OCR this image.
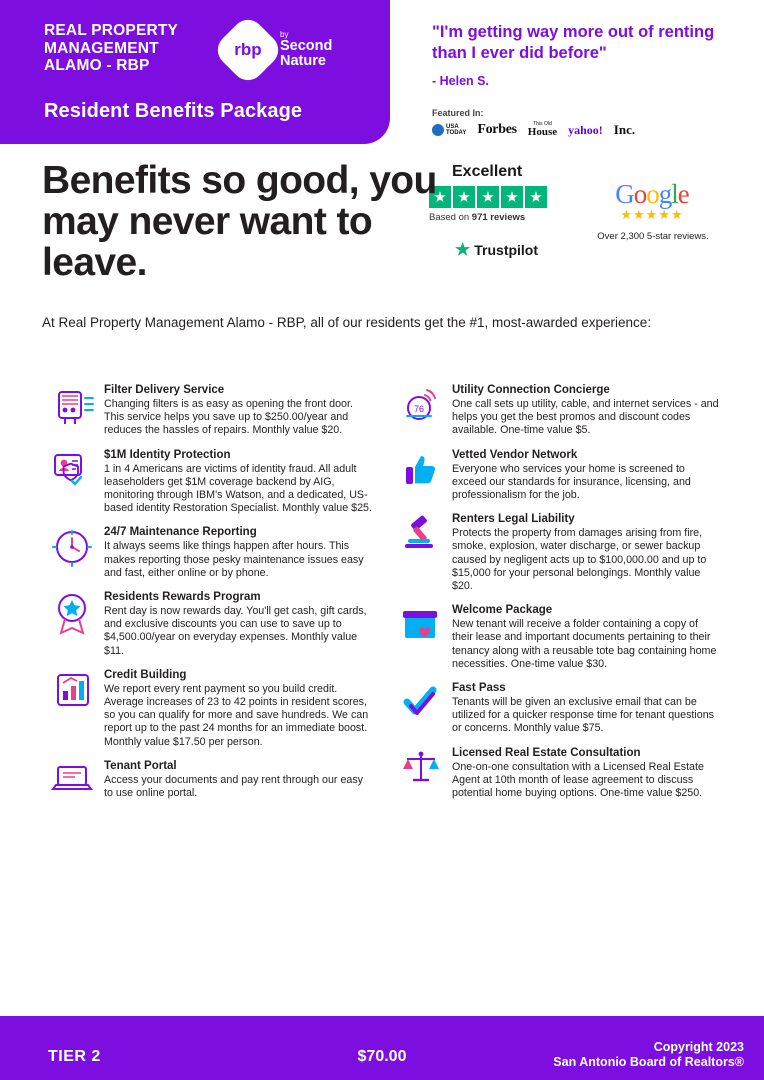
REAL PROPERTY
MANAGEMENT
ALAMO - RBP
Resident Benefits Package
rbp
by
Second Nature
"I'm getting way more out of renting than I ever did before"
- Helen S.
Featured In:
USA
TODAY Forbes	This Old
House yahoo! Inc.
Excellent
★ ★ ★ ★ ★
Based on 971 reviews
★ Trustpilot
Google
★★★★★
Over 2,300 5-star reviews.
Benefits so good, you may never want to leave.
At Real Property Management Alamo - RBP, all of our residents get the #1, most-awarded experience:
Filter Delivery Service
Changing filters is as easy as opening the front door. This service helps you save up to $250.00/year and reduces the hassles of repairs. Monthly value $20.
$1M Identity Protection
1 in 4 Americans are victims of identity fraud. All adult leaseholders get $1M coverage backend by AIG, monitoring through IBM's Watson, and a dedicated, US-based identity Restoration Specialist. Monthly value $25.
24/7 Maintenance Reporting
It always seems like things happen after hours. This makes reporting those pesky maintenance issues easy and fast, either online or by phone.
Residents Rewards Program
Rent day is now rewards day. You'll get cash, gift cards, and exclusive discounts you can use to save up to $4,500.00/year on everyday expenses. Monthly value $11.
Credit Building
We report every rent payment so you build credit. Average increases of 23 to 42 points in resident scores, so you can qualify for more and save hundreds. We can report up to the past 24 months for an immediate boost. Monthly value $17.50 per person.
Tenant Portal
Access your documents and pay rent through our easy to use online portal.
76
Utility Connection Concierge
One call sets up utility, cable, and internet services - and helps you get the best promos and discount codes available. One-time value $5.
Vetted Vendor Network
Everyone who services your home is screened to exceed our standards for insurance, licensing, and professionalism for the job.
Renters Legal Liability
Protects the property from damages arising from fire, smoke, explosion, water discharge, or sewer backup caused by negligent acts up to $100,000.00 and up to $15,000 for your personal belongings. Monthly value $20.
Welcome Package
New tenant will receive a folder containing a copy of their lease and important documents pertaining to their tenancy along with a reusable tote bag containing home necessities. One-time value $30.
Fast Pass
Tenants will be given an exclusive email that can be utilized for a quicker response time for tenant questions or concerns. Monthly value $75.
Licensed Real Estate Consultation
One-on-one consultation with a Licensed Real Estate Agent at 10th month of lease agreement to discuss potential home buying options. One-time value $250.
TIER 2	$70.00
Copyright 2023
San Antonio Board of Realtors®
